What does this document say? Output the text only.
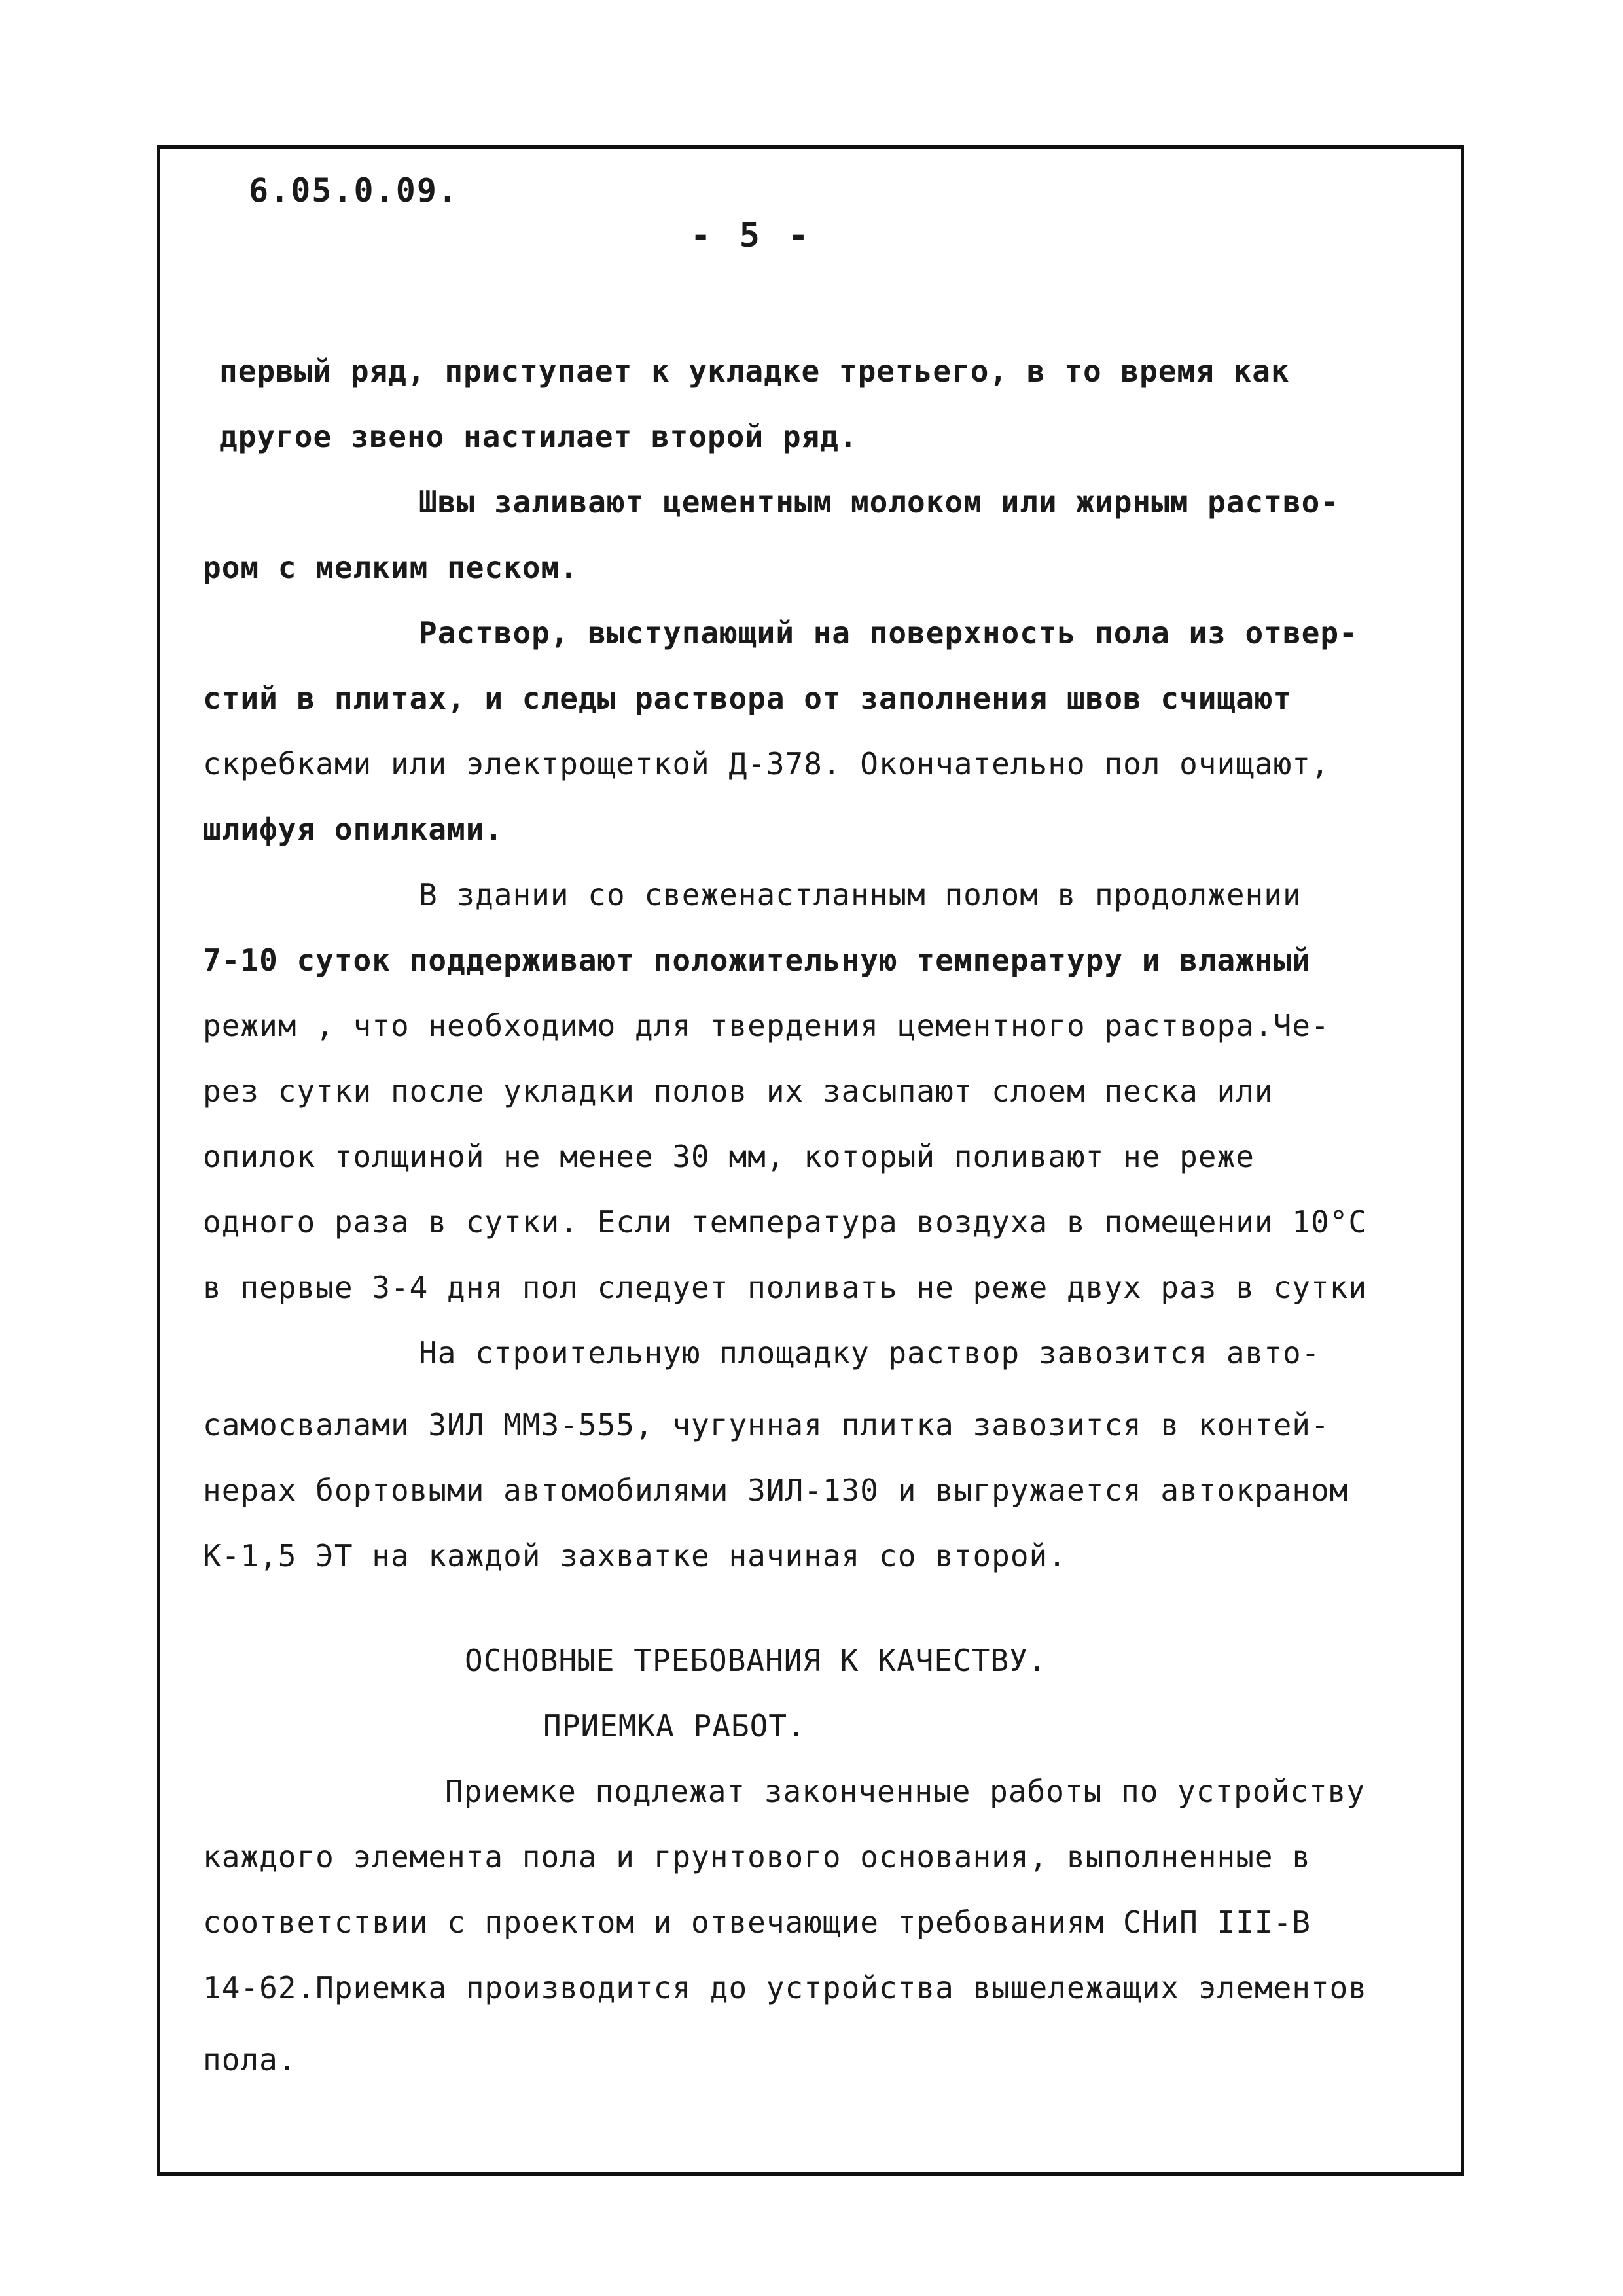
6.05.0.09.
- 5 -
первый ряд, приступает к укладке третьего, в то время как
другое звено настилает второй ряд.
Швы заливают цементным молоком или жирным раство-
ром с мелким песком.
Раствор, выступающий на поверхность пола из отвер-
стий в плитах, и следы раствора от заполнения швов счищают
скребками или электрощеткой Д-378. Окончательно пол очищают,
шлифуя опилками.
В здании со свеженастланным полом в продолжении
7-10 суток поддерживают положительную температуру и влажный
режим , что необходимо для твердения цементного раствора.Че-
рез сутки после укладки полов их засыпают слоем песка или
опилок толщиной не менее 30 мм, который поливают не реже
одного раза в сутки. Если температура воздуха в помещении 10°С
в первые 3-4 дня пол следует поливать не реже двух раз в сутки
На строительную площадку раствор завозится авто-
самосвалами ЗИЛ ММЗ-555, чугунная плитка завозится в контей-
нерах бортовыми автомобилями ЗИЛ-130 и выгружается автокраном
К-1,5 ЭТ на каждой захватке начиная со второй.
ОСНОВНЫЕ ТРЕБОВАНИЯ К КАЧЕСТВУ.
ПРИЕМКА РАБОТ.
Приемке подлежат законченные работы по устройству
каждого элемента пола и грунтового основания, выполненные в
соответствии с проектом и отвечающие требованиям СНиП III-В
14-62.Приемка производится до устройства вышележащих элементов
пола.
